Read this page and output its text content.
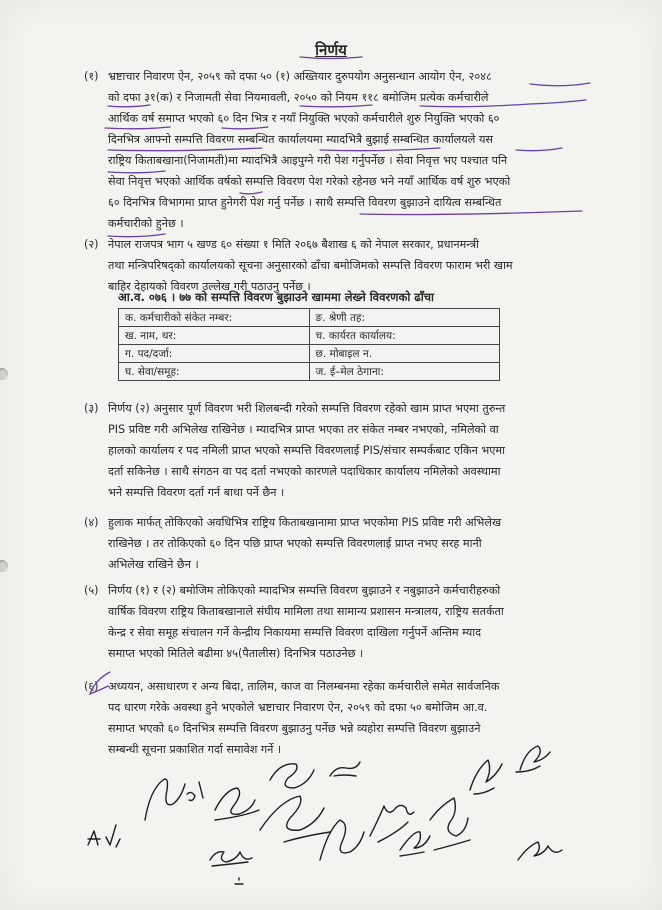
निर्णय
(१) भ्रष्टाचार निवारण ऐन, २०५९ को दफा ५० (१) अख्तियार दुरुपयोग अनुसन्धान आयोग ऐन, २०४८
को दफा ३१(क) र निजामती सेवा नियमावली, २०५० को नियम ११८ बमोजिम प्रत्येक कर्मचारीले
आर्थिक वर्ष समाप्त भएको ६० दिन भित्र र नयाँ नियुक्ति भएको कर्मचारीले शुरु नियुक्ति भएको ६०
दिनभित्र आफ्नो सम्पत्ति विवरण सम्बन्धित कार्यालयमा म्यादभित्रै बुझाई सम्बन्धित कार्यालयले यस
राष्ट्रिय किताबखाना(निजामती)मा म्यादभित्रै आइपुग्ने गरी पेश गर्नुपर्नेछ । सेवा निवृत्त भए पश्चात पनि
सेवा निवृत्त भएको आर्थिक वर्षको सम्पत्ति विवरण पेश गरेको रहेनछ भने नयाँ आर्थिक वर्ष शुरु भएको
६० दिनभित्र विभागमा प्राप्त हुनेगरी पेश गर्नु पर्नेछ । साथै सम्पत्ति विवरण बुझाउने दायित्व सम्बन्धित
कर्मचारीको हुनेछ ।
(२) नेपाल राजपत्र भाग ५ खण्ड ६० संख्या १ मिति २०६७ बैशाख ६ को नेपाल सरकार, प्रधानमन्त्री
तथा मन्त्रिपरिषद्को कार्यालयको सूचना अनुसारको ढाँचा बमोजिमको सम्पत्ति विवरण फाराम भरी खाम
बाहिर देहायको विवरण उल्लेख गरी पठाउनु पर्नेछ ।
आ.व. ०७६ । ७७ को सम्पत्ति विवरण बुझाउने खाममा लेख्ने विवरणको ढाँचा
क. कर्मचारीको संकेत नम्बर:	ङ. श्रेणी तह:
ख. नाम, थर:	च. कार्यरत कार्यालय:
ग. पद/दर्जा:	छ. मोबाइल न.
घ. सेवा/समूह:	ज. ई–मेल ठेगाना:
(३) निर्णय (२) अनुसार पूर्ण विवरण भरी शिलबन्दी गरेको सम्पत्ति विवरण रहेको खाम प्राप्त भएमा तुरुन्त
PIS प्रविष्ट गरी अभिलेख राखिनेछ । म्यादभित्र प्राप्त भएका तर संकेत नम्बर नभएको, नमिलेको वा
हालको कार्यालय र पद नमिली प्राप्त भएको सम्पत्ति विवरणलाई PIS/संचार सम्पर्कबाट एकिन भएमा
दर्ता सकिनेछ । साथै संगठन वा पद दर्ता नभएको कारणले पदाधिकार कार्यालय नमिलेको अवस्थामा
भने सम्पत्ति विवरण दर्ता गर्न बाधा पर्ने छैन ।
(४) हुलाक मार्फत् तोकिएको अवधिभित्र राष्ट्रिय किताबखानामा प्राप्त भएकोमा PIS प्रविष्ट गरी अभिलेख
राखिनेछ । तर तोकिएको ६० दिन पछि प्राप्त भएको सम्पत्ति विवरणलाई प्राप्त नभए सरह मानी
अभिलेख राखिने छैन ।
(५) निर्णय (१) र (२) बमोजिम तोकिएको म्यादभित्र सम्पत्ति विवरण बुझाउने र नबुझाउने कर्मचारीहरुको
वार्षिक विवरण राष्ट्रिय किताबखानाले संघीय मामिला तथा सामान्य प्रशासन मन्त्रालय, राष्ट्रिय सतर्कता
केन्द्र र सेवा समूह संचालन गर्ने केन्द्रीय निकायमा सम्पत्ति विवरण दाखिला गर्नुपर्ने अन्तिम म्याद
समाप्त भएको मितिले बढीमा ४५(पैतालीस) दिनभित्र पठाउनेछ ।
(६) अध्ययन, असाधारण र अन्य बिदा, तालिम, काज वा निलम्बनमा रहेका कर्मचारीले समेत सार्वजनिक
पद धारण गरेके अवस्था हुने भएकोले भ्रष्टाचार निवारण ऐन, २०५९ को दफा ५० बमोजिम आ.व.
समाप्त भएको ६० दिनभित्र सम्पत्ति विवरण बुझाउनु पर्नेछ भन्ने व्यहोरा सम्पत्ति विवरण बुझाउने
सम्बन्धी सूचना प्रकाशित गर्दा समावेश गर्ने ।
